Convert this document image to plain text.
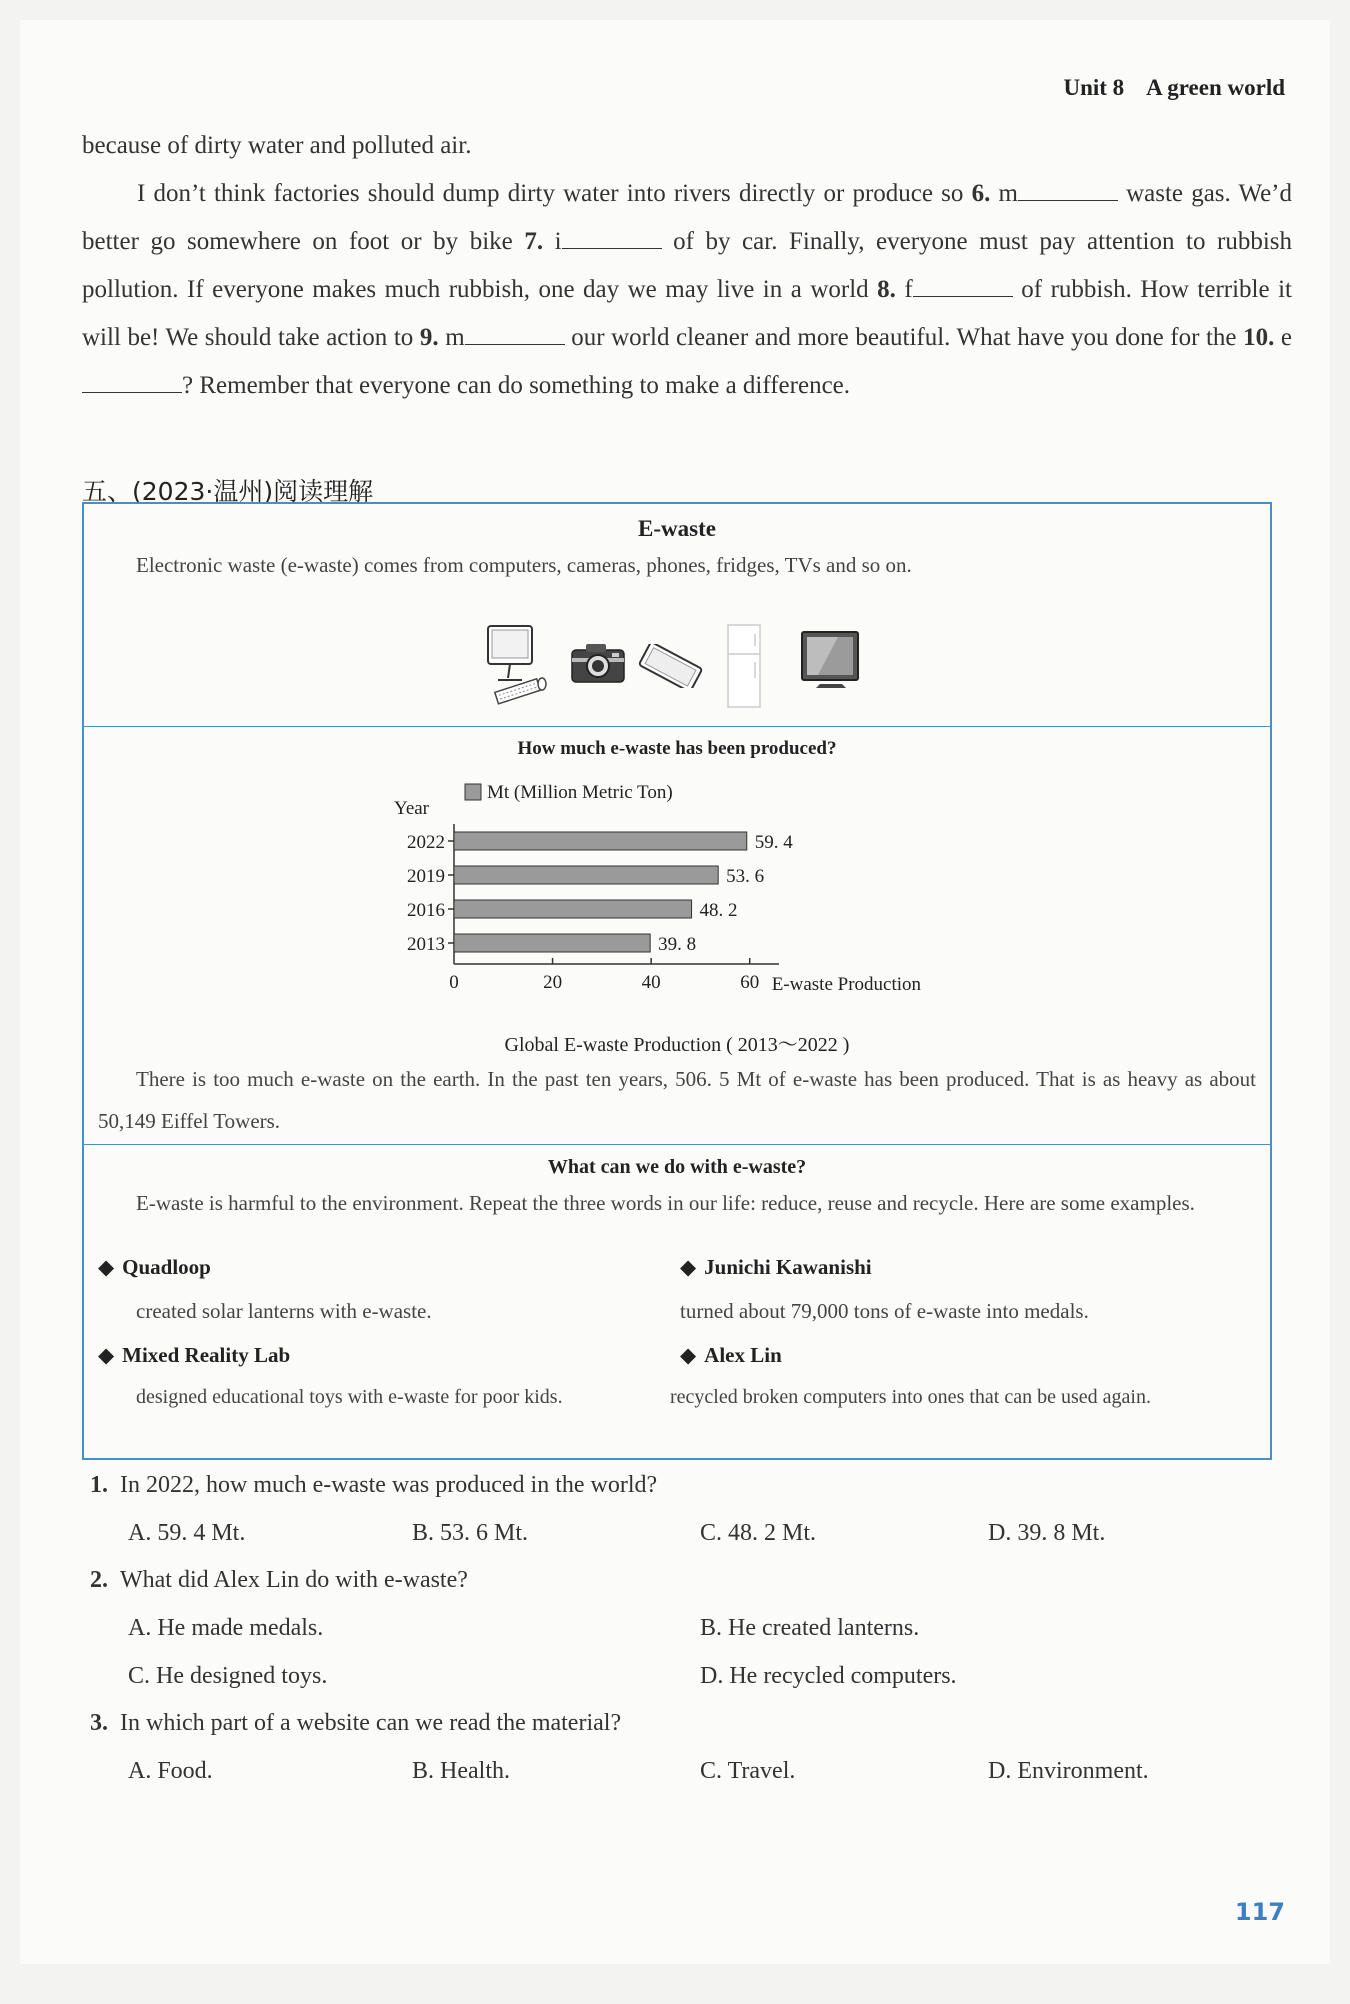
Unit 8 A green world

because of dirty water and polluted air.

I don’t think factories should dump dirty water into rivers directly or produce so 6. m	waste gas. We’d better go somewhere on foot or by bike 7. i	of by car. Finally, everyone must pay attention to rubbish pollution. If everyone makes much rubbish, one day we may live in a world 8. f	of rubbish. How terrible it will be! We should take action to 9. m	our world cleaner and more beautiful. What have you done for the 10. e? Remember that everyone can do something to make a difference.

五、(2023·温州)阅读理解
E-waste
Electronic waste (e-waste) comes from computers, cameras, phones, fridges, TVs and so on.
How much e-waste has been produced?
Mt (Million Metric Ton)
Year
2022	59. 4
2019	53. 6
2016	48. 2
2013	39. 8
0	20	40	60 E-waste Production
Global E-waste Production ( 2013～2022 )
There is too much e-waste on the earth. In the past ten years, 506. 5 Mt of e-waste has been produced. That is as heavy as about 50,149 Eiffel Towers.
What can we do with e-waste?
E-waste is harmful to the environment. Repeat the three words in our life: reduce, reuse and recycle. Here are some examples.
◆ Quadloop
created solar lanterns with e-waste.
◆ Junichi Kawanishi
turned about 79,000 tons of e-waste into medals.
◆ Mixed Reality Lab
designed educational toys with e-waste for poor kids.
◆ Alex Lin
recycled broken computers into ones that can be used again.
1. In 2022, how much e-waste was produced in the world?
A. 59. 4 Mt.	B. 53. 6 Mt.	C. 48. 2 Mt.	D. 39. 8 Mt.
2. What did Alex Lin do with e-waste?
A. He made medals.	B. He created lanterns.
C. He designed toys.	D. He recycled computers.
3. In which part of a website can we read the material?
A. Food.	B. Health.	C. Travel.	D. Environment.
117
